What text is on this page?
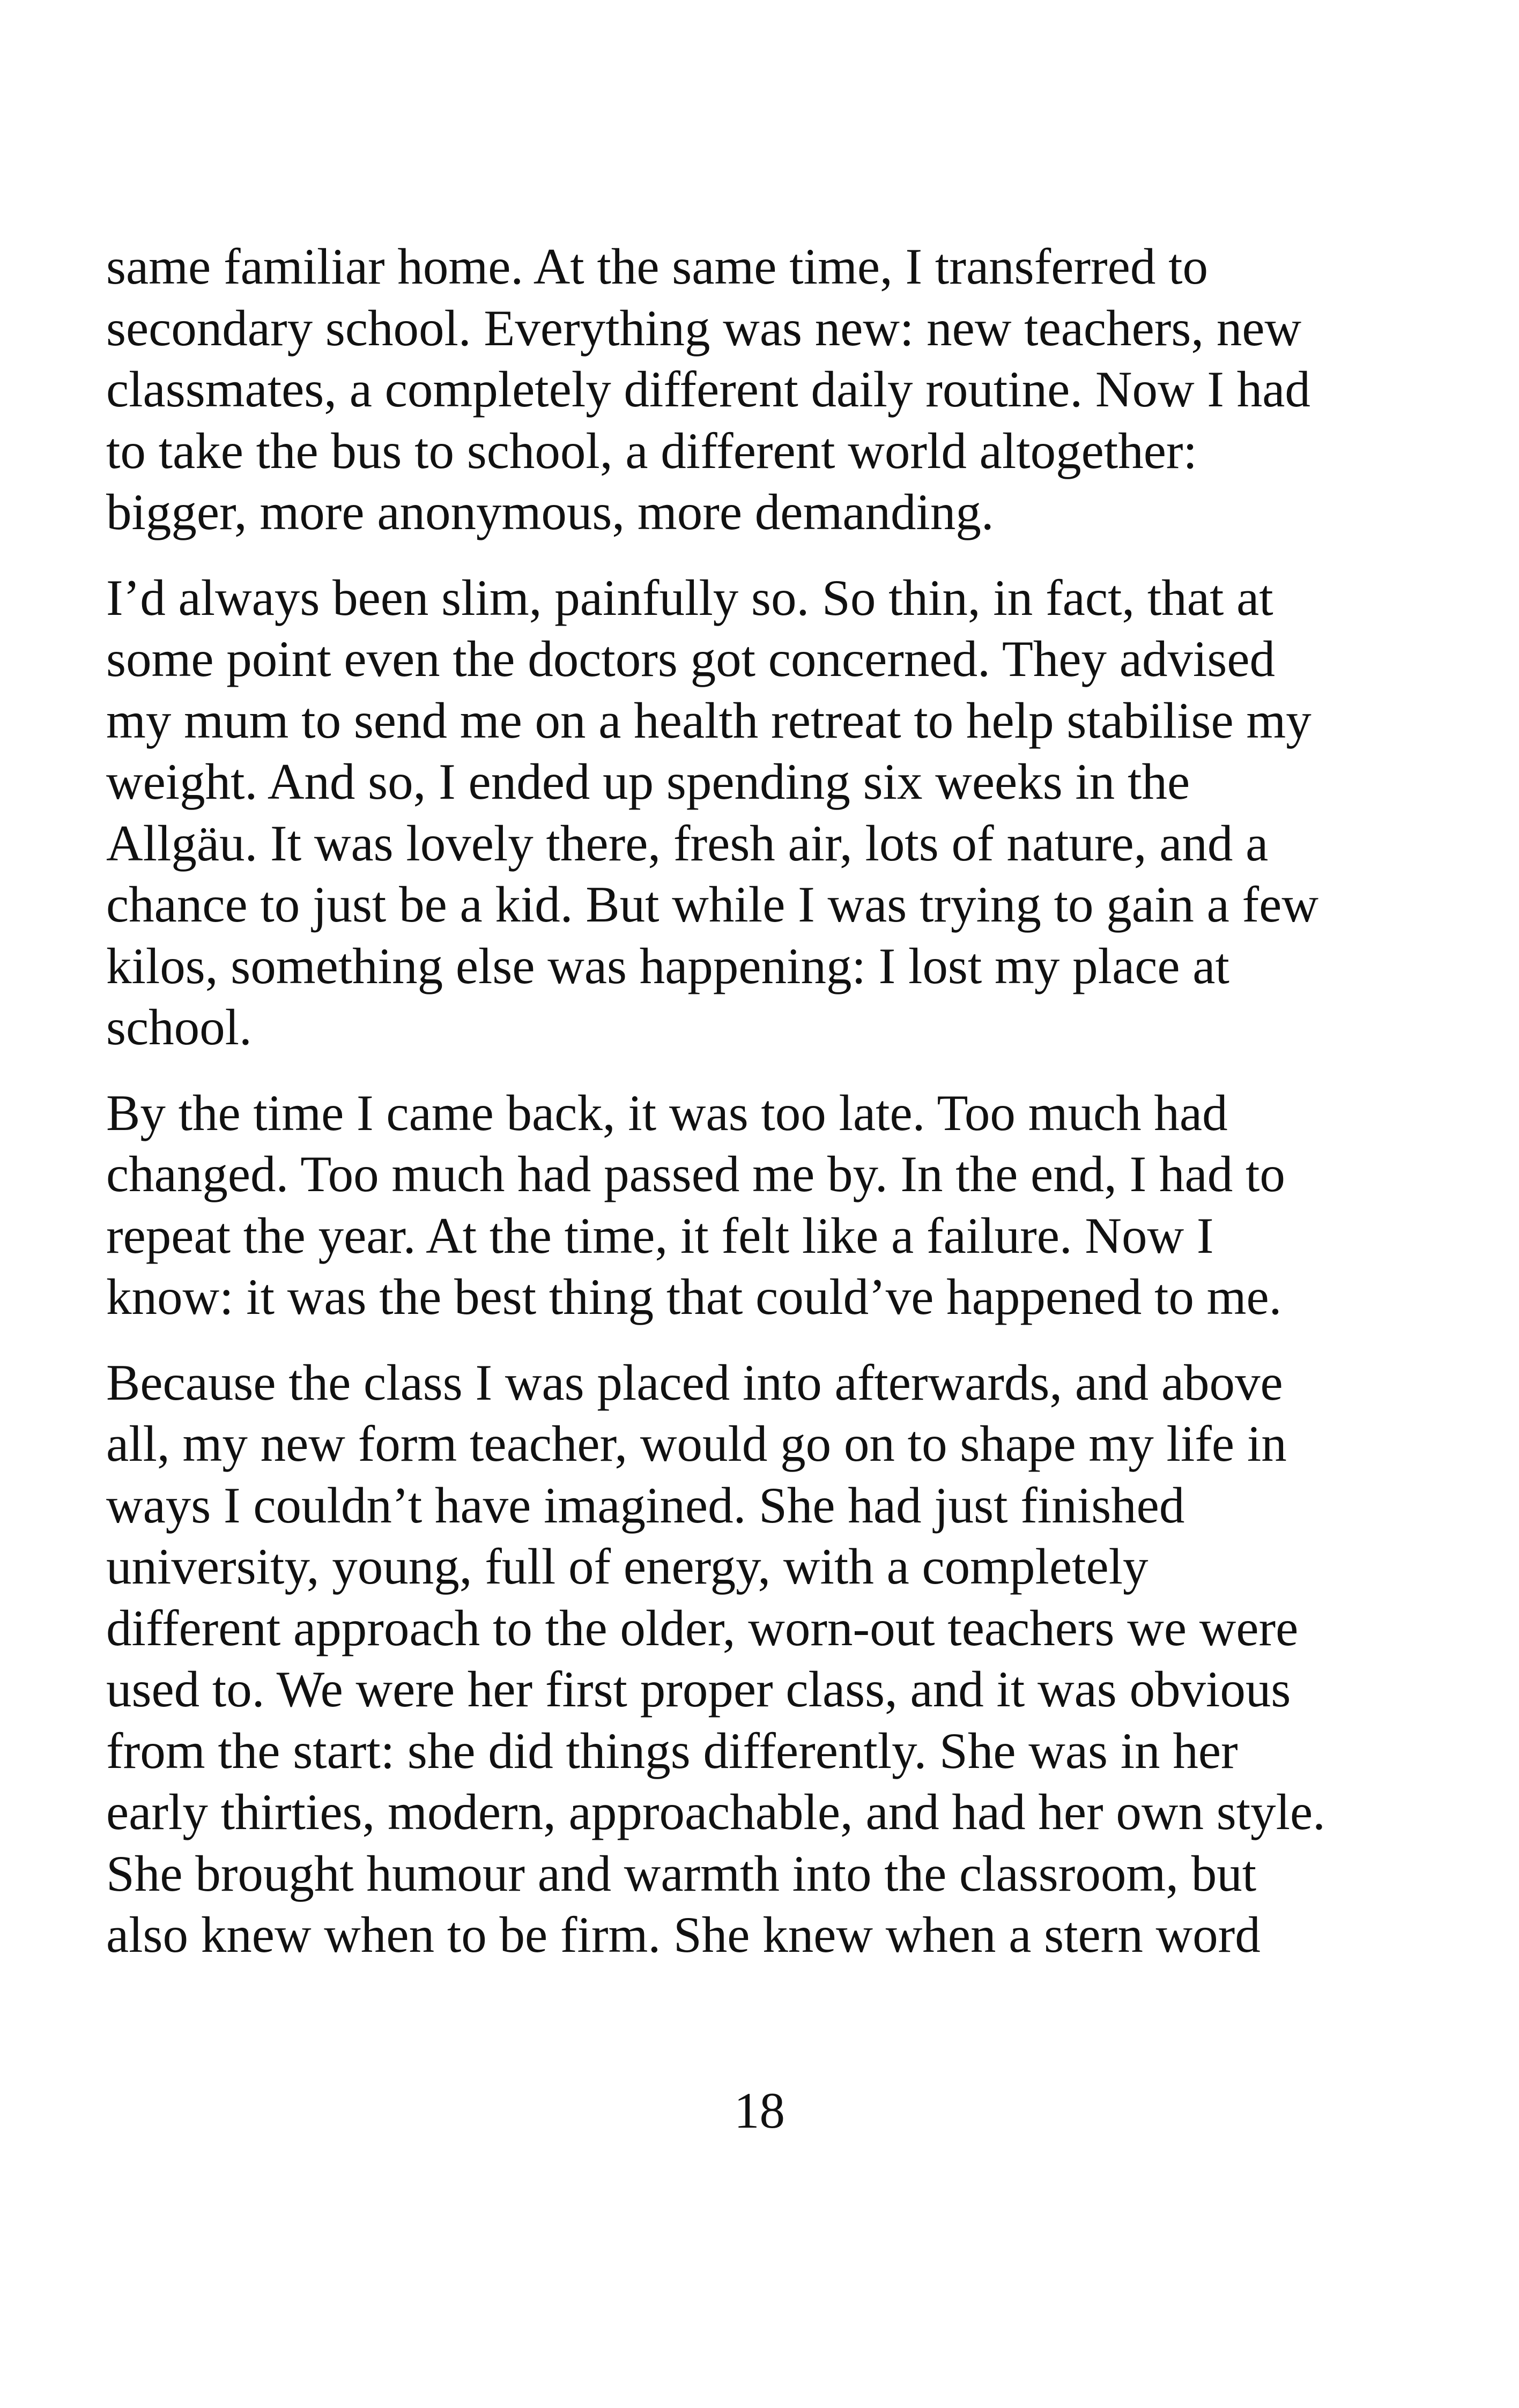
same familiar home. At the same time, I transferred to
secondary school. Everything was new: new teachers, new
classmates, a completely different daily routine. Now I had
to take the bus to school, a different world altogether:
bigger, more anonymous, more demanding.

I’d always been slim, painfully so. So thin, in fact, that at
some point even the doctors got concerned. They advised
my mum to send me on a health retreat to help stabilise my
weight. And so, I ended up spending six weeks in the
Allgäu. It was lovely there, fresh air, lots of nature, and a
chance to just be a kid. But while I was trying to gain a few
kilos, something else was happening: I lost my place at
school.

By the time I came back, it was too late. Too much had
changed. Too much had passed me by. In the end, I had to
repeat the year. At the time, it felt like a failure. Now I
know: it was the best thing that could’ve happened to me.

Because the class I was placed into afterwards, and above
all, my new form teacher, would go on to shape my life in
ways I couldn’t have imagined. She had just finished
university, young, full of energy, with a completely
different approach to the older, worn-out teachers we were
used to. We were her first proper class, and it was obvious
from the start: she did things differently. She was in her
early thirties, modern, approachable, and had her own style.
She brought humour and warmth into the classroom, but
also knew when to be firm. She knew when a stern word

18
